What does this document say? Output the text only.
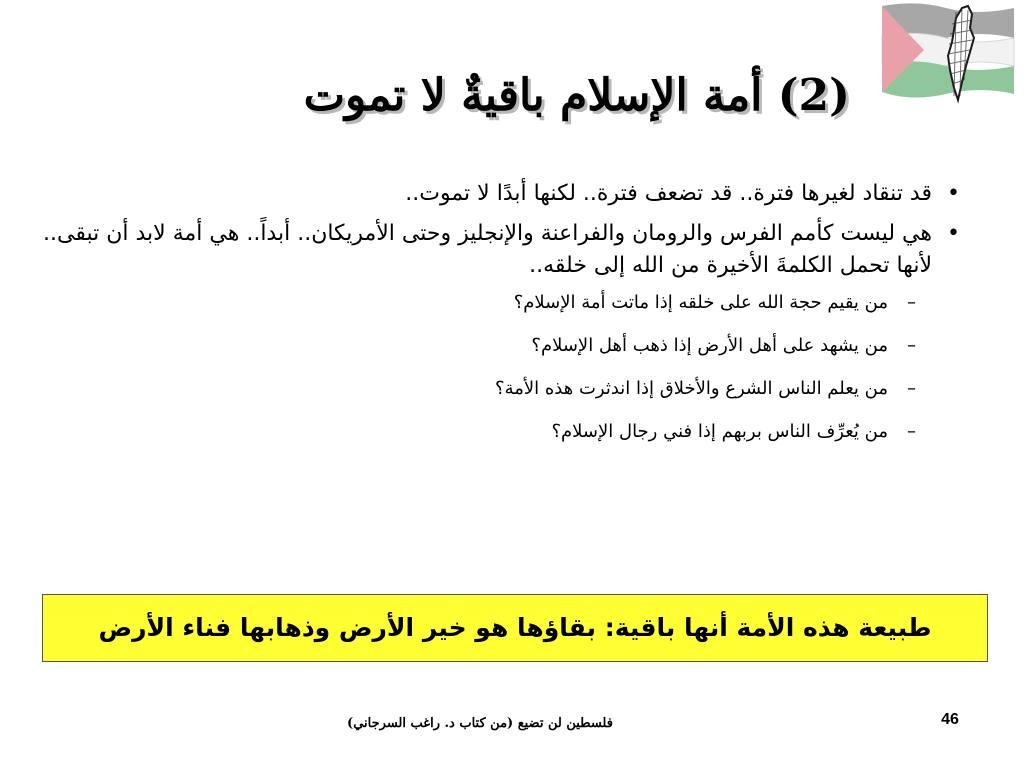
(2) أمة الإسلام باقيةٌ لا تموت
•
قد تنقاد لغيرها فترة.. قد تضعف فترة.. لكنها أبدًا لا تموت..
•
هي ليست كأمم الفرس والرومان والفراعنة والإنجليز وحتى الأمريكان.. أبداً.. هي أمة لابد أن تبقى.. لأنها تحمل الكلمةَ الأخيرة من الله إلى خلقه..
–
من يقيم حجة الله على خلقه إذا ماتت أمة الإسلام؟
–
من يشهد على أهل الأرض إذا ذهب أهل الإسلام؟
–
من يعلم الناس الشرع والأخلاق إذا اندثرت هذه الأمة؟
–
من يُعرِّف الناس بربهم إذا فني رجال الإسلام؟
طبيعة هذه الأمة أنها باقية: بقاؤها هو خير الأرض وذهابها فناء الأرض
فلسطين لن تضيع (من كتاب د. راغب السرجاني)	46
